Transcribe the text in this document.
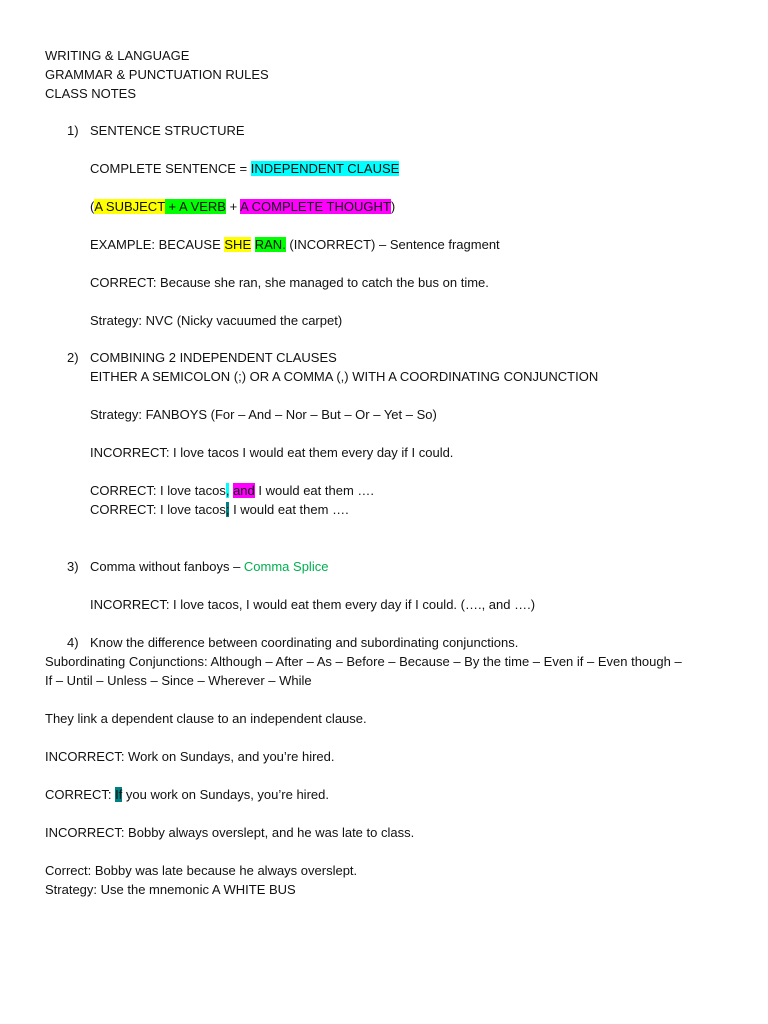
WRITING & LANGUAGE
GRAMMAR & PUNCTUATION RULES
CLASS NOTES
1) SENTENCE STRUCTURE
COMPLETE SENTENCE = INDEPENDENT CLAUSE
(A SUBJECT + A VERB + A COMPLETE THOUGHT)
EXAMPLE: BECAUSE SHE RAN. (INCORRECT) – Sentence fragment
CORRECT: Because she ran, she managed to catch the bus on time.
Strategy: NVC (Nicky vacuumed the carpet)
2) COMBINING 2 INDEPENDENT CLAUSES
EITHER A SEMICOLON (;) OR A COMMA (,) WITH A COORDINATING CONJUNCTION
Strategy: FANBOYS (For – And – Nor – But – Or – Yet – So)
INCORRECT: I love tacos I would eat them every day if I could.
CORRECT: I love tacos, and I would eat them ….
CORRECT: I love tacos; I would eat them ….
3) Comma without fanboys – Comma Splice
INCORRECT: I love tacos, I would eat them every day if I could. (…., and ….)
4) Know the difference between coordinating and subordinating conjunctions.
Subordinating Conjunctions: Although – After – As – Before – Because – By the time – Even if – Even though –
If – Until – Unless – Since – Wherever – While
They link a dependent clause to an independent clause.
INCORRECT: Work on Sundays, and you’re hired.
CORRECT: If you work on Sundays, you’re hired.
INCORRECT: Bobby always overslept, and he was late to class.
Correct: Bobby was late because he always overslept.
Strategy: Use the mnemonic A WHITE BUS
